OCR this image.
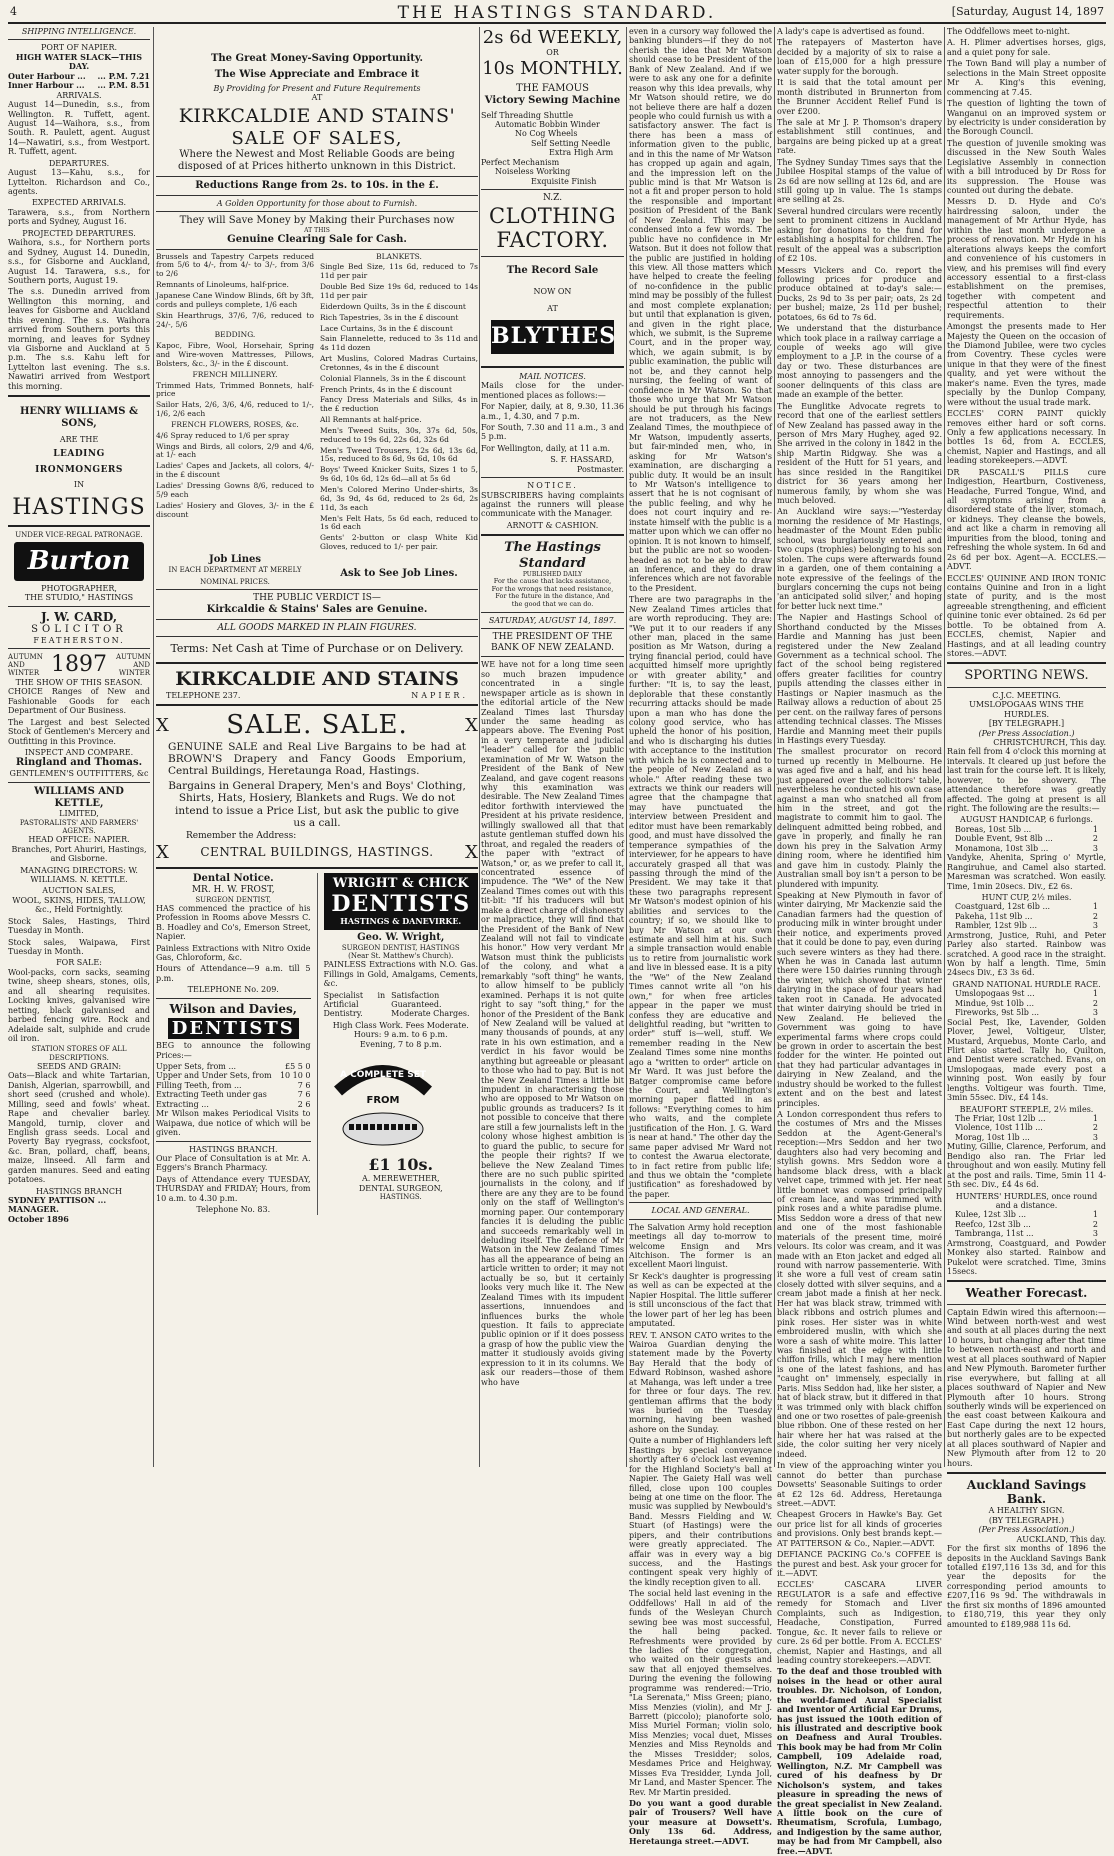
4	THE HASTINGS STANDARD.	[Saturday, August 14, 1897
SHIPPING INTELLIGENCE.
PORT OF NAPIER.
HIGH WATER SLACK—THIS DAY.
Outer Harbour ... ... P.M. 7.21
Inner Harbour ... ... P.M. 8.51
ARRIVALS.

August 14—Dunedin, s.s., from Wellington. R. Tuffett, agent. August 14—Waihora, s.s., from South. R. Paulett, agent. August 14—Nawatiri, s.s., from Westport. R. Tuffett, agent.

DEPARTURES.

August 13—Kahu, s.s., for Lyttelton. Richardson and Co., agents.

EXPECTED ARRIVALS.

Tarawera, s.s., from Northern ports and Sydney, August 16.

PROJECTED DEPARTURES.

Waihora, s.s., for Northern ports and Sydney, August 14. Dunedin, s.s., for Gisborne and Auckland, August 14. Tarawera, s.s., for Southern ports, August 19.

The s.s. Dunedin arrived from Wellington this morning, and leaves for Gisborne and Auckland this evening. The s.s. Waihora arrived from Southern ports this morning, and leaves for Sydney via Gisborne and Auckland at 5 p.m. The s.s. Kahu left for Lyttelton last evening. The s.s. Nawatiri arrived from Westport this morning.

HENRY WILLIAMS & SONS,
ARE THE
LEADING
IRONMONGERS
IN
HASTINGS
UNDER VICE-REGAL PATRONAGE.
Burton
PHOTOGRAPHER,
THE STUDIO," HASTINGS
J. W. CARD,
SOLICITOR
FEATHERSTON.
AUTUMN AND WINTER 1897 AUTUMN AND WINTER
THE SHOW OF THIS SEASON.

CHOICE Ranges of New and Fashionable Goods for each Department of Our Business.

The Largest and best Selected Stock of Gentlemen's Mercery and Outfitting in this Province.

INSPECT AND COMPARE.
Ringland and Thomas.
GENTLEMEN'S OUTFITTERS, &c
WILLIAMS AND KETTLE,
LIMITED,
PASTORALISTS' AND FARMERS' AGENTS.
HEAD OFFICE: NAPIER.

Branches, Port Ahuriri, Hastings, and Gisborne.

MANAGING DIRECTORS: W. WILLIAMS. N. KETTLE.

AUCTION SALES,

WOOL, SKINS, HIDES, TALLOW, &c., Held Fortnightly.

Stock Sales, Hastings, Third Tuesday in Month.

Stock sales, Waipawa, First Tuesday in Month.

FOR SALE:

Wool-packs, corn sacks, seaming twine, sheep shears, stones, oils, and all shearing requisites. Locking knives, galvanised wire netting, black galvanised and barbed fencing wire. Rock and Adelaide salt, sulphide and crude oil iron.

STATION STORES OF ALL DESCRIPTIONS.
SEEDS AND GRAIN:

Oats—Black and white Tartarian, Danish, Algerian, sparrowbill, and short seed (crushed and whole). Milling, seed and fowls' wheat. Rape and chevalier barley. Mangold, turnip, clover and English grass seeds. Local and Poverty Bay ryegrass, cocksfoot, &c. Bran, pollard, chaff, beans, maize, linseed. All farm and garden manures. Seed and eating potatoes.

HASTINGS BRANCH
SYDNEY PATTISON ... MANAGER.
October 1896
The Great Money-Saving Opportunity.
The Wise Appreciate and Embrace it
By Providing for Present and Future Requirements
AT
KIRKCALDIE AND STAINS'
SALE OF SALES,
Where the Newest and Most Reliable Goods are being disposed of at Prices hitherto unknown in this District.
Reductions Range from 2s. to 10s. in the £.
A Golden Opportunity for those about to Furnish.
They will Save Money by Making their Purchases now
AT THIS
Genuine Clearing Sale for Cash.

Brussels and Tapestry Carpets reduced from 5/6 to 4/-, from 4/- to 3/-, from 3/6 to 2/6

Remnants of Linoleums, half-price.

Japanese Cane Window Blinds, 6ft by 3ft, cords and pulleys complete, 1/6 each

Skin Hearthrugs, 37/6, 7/6, reduced to 24/-, 5/6

BEDDING.

Kapoc, Fibre, Wool, Horsehair, Spring and Wire-woven Mattresses, Pillows, Bolsters, &c., 3/- in the £ discount.

FRENCH MILLINERY.

Trimmed Hats, Trimmed Bonnets, half-price

Sailor Hats, 2/6, 3/6, 4/6, reduced to 1/-, 1/6, 2/6 each

FRENCH FLOWERS, ROSES, &c.

4/6 Spray reduced to 1/6 per spray

Wings and Birds, all colors, 2/9 and 4/6, at 1/- each

Ladies' Capes and Jackets, all colors, 4/- in the £ discount

Ladies' Dressing Gowns 8/6, reduced to 5/9 each

Ladies' Hosiery and Gloves, 3/- in the £ discount

BLANKETS.

Single Bed Size, 11s 6d, reduced to 7s 11d per pair

Double Bed Size 19s 6d, reduced to 14s 11d per pair

Eiderdown Quilts, 3s in the £ discount

Rich Tapestries, 3s in the £ discount

Lace Curtains, 3s in the £ discount

Sain Flannelette, reduced to 3s 11d and 4s 11d dozen

Art Muslins, Colored Madras Curtains, Cretonnes, 4s in the £ discount

Colonial Flannels, 3s in the £ discount

French Prints, 4s in the £ discount

Fancy Dress Materials and Silks, 4s in the £ reduction

All Remnants at half-price.

Men's Tweed Suits, 30s, 37s 6d, 50s, reduced to 19s 6d, 22s 6d, 32s 6d

Men's Tweed Trousers, 12s 6d, 13s 6d, 15s, reduced to 8s 6d, 9s 6d, 10s 6d

Boys' Tweed Knicker Suits, Sizes 1 to 5, 9s 6d, 10s 6d, 12s 6d—all at 5s 6d

Men's Colored Merino Under-shirts, 3s 6d, 3s 9d, 4s 6d, reduced to 2s 6d, 2s 11d, 3s each

Men's Felt Hats, 5s 6d each, reduced to 1s 6d each

Gents' 2-button or clasp White Kid Gloves, reduced to 1/- per pair.

Job Lines
IN EACH DEPARTMENT AT MERELY
NOMINAL PRICES.
Ask to See Job Lines.
THE PUBLIC VERDICT IS—
Kirkcaldie & Stains' Sales are Genuine.
ALL GOODS MARKED IN PLAIN FIGURES.
Terms: Net Cash at Time of Purchase or on Delivery.
KIRKCALDIE AND STAINS
TELEPHONE 237.	NAPIER.
X SALE. SALE.	X

GENUINE SALE and Real Live Bargains to be had at BROWN'S Drapery and Fancy Goods Emporium, Central Buildings, Heretaunga Road, Hastings.

Bargains in General Drapery, Men's and Boys' Clothing, Shirts, Hats, Hosiery, Blankets and Rugs. We do not intend to issue a Price List, but ask the public to give us a call.

Remember the Address:
X	CENTRAL BUILDINGS, HASTINGS. X
Dental Notice.
MR. H. W. FROST,
SURGEON DENTIST,

HAS commenced the practice of his Profession in Rooms above Messrs C. B. Hoadley and Co's, Emerson Street, Napier.

Painless Extractions with Nitro Oxide Gas, Chloroform, &c.

Hours of Attendance—9 a.m. till 5 p.m.

TELEPHONE No. 209.
Wilson and Davies,
DENTISTS

BEG to announce the following Prices:—

Upper Sets, from ...	£5 5 0
Upper and Under Sets, from 10 10 0
Filling Teeth, from ...	7 6
Extracting Teeth under gas	7 6
Extracting ...	2 6

Mr Wilson makes Periodical Visits to Waipawa, due notice of which will be given.

HASTINGS BRANCH.

Our Place of Consultation is at Mr. A. Eggers's Branch Pharmacy.

Days of Attendance every TUESDAY, THURSDAY and FRIDAY; Hours, from 10 a.m. to 4.30 p.m.

Telephone No. 83.
WRIGHT & CHICK
DENTISTS
HASTINGS & DANEVIRKE.
Geo. W. Wright,
SURGEON DENTIST, HASTINGS
(Near St. Matthew's Church).

PAINLESS Extractions with N.O. Gas. Fillings in Gold, Amalgams, Cements, &c.

Specialist in Artificial Dentistry.

Satisfaction Guaranteed. Moderate Charges.

High Class Work. Fees Moderate.
Hours: 9 a.m. to 6 p.m.
Evening, 7 to 8 p.m.
A COMPLETE SET
FROM
£1 10s.
A. MEREWETHER,
DENTAL SURGEON,
HASTINGS.
2s 6d WEEKLY,
OR
10s MONTHLY.
THE FAMOUS
Victory Sewing Machine
Self Threading Shuttle
Automatic Bobbin Winder
No Cog Wheels
Self Setting Needle
Extra High Arm
Perfect Mechanism
Noiseless Working
Exquisite Finish
N.Z.
CLOTHING
FACTORY.
The Record Sale
NOW ON
AT
BLYTHES
MAIL NOTICES.

Mails close for the under-mentioned places as follows:—

For Napier, daily, at 8, 9.30, 11.36 a.m., 1, 4.30, and 7 p.m.

For South, 7.30 and 11 a.m., 3 and 5 p.m.

For Wellington, daily, at 11 a.m.

S. F. HASSARD,
Postmaster.
NOTICE.

SUBSCRIBERS having complaints against the runners will please communicate with the Manager.

ARNOTT & CASHION.
The Hastings Standard
PUBLISHED DAILY

For the cause that lacks assistance, For the wrongs that need resistance, For the future in the distance, And the good that we can do.

SATURDAY, AUGUST 14, 1897.
THE PRESIDENT OF THE BANK OF NEW ZEALAND.

WE have not for a long time seen so much brazen impudence concentrated in a single newspaper article as is shown in the editorial article of the New Zealand Times last Thursday under the same heading as appears above. The Evening Post in a very temperate and judicial "leader" called for the public examination of Mr W. Watson the President of the Bank of New Zealand, and gave cogent reasons why this examination was desirable. The New Zealand Times editor forthwith interviewed the President at his private residence, willingly swallowed all that that astute gentleman stuffed down his throat, and regaled the readers of the paper with "extract of Watson," or, as we prefer to call it, concentrated essence of impudence. The "We" of the New Zealand Times comes out with this tit-bit: "If his traducers will but make a direct charge of dishonesty or malpractice, they will find that the President of the Bank of New Zealand will not fail to vindicate his honor." How very verdant Mr Watson must think the publicists of the colony, and what a remarkably "soft thing" he wants, to allow himself to be publicly examined. Perhaps it is not quite right to say "soft thing," for the honor of the President of the Bank of New Zealand will be valued at many thousands of pounds, at any rate in his own estimation, and a verdict in his favor would be anything but agreeable or pleasant to those who had to pay. But is not the New Zealand Times a little bit impudent in characterising those who are opposed to Mr Watson on public grounds as traducers? Is it not possible to conceive that there are still a few journalists left in the colony whose highest ambition is to guard the public, to secure for the people their rights? If we believe the New Zealand Times there are no such public spirited journalists in the colony, and if there are any they are to be found only on the staff of Wellington's morning paper. Our contemporary fancies it is deluding the public and succeeds remarkably well in deluding itself. The defence of Mr Watson in the New Zealand Times has all the appearance of being an article written to order; it may not actually be so, but it certainly looks very much like it. The New Zealand Times with its impudent assertions, innuendoes and influences burks the whole question. It fails to appreciate public opinion or if it does possess a grasp of how the public view the matter it studiously avoids giving expression to it in its columns. We ask our readers—those of them who have

even in a cursory way followed the banking blunders—if they do not cherish the idea that Mr Watson should cease to be President of the Bank of New Zealand. And if we were to ask any one for a definite reason why this idea prevails, why Mr Watson should retire, we do not believe there are half a dozen people who could furnish us with a satisfactory answer. The fact is there has been a mass of information given to the public, and in this the name of Mr Watson has cropped up again and again, and the impression left on the public mind is that Mr Watson is not a fit and proper person to hold the responsible and important position of President of the Bank of New Zealand. This may be condensed into a few words. The public have no confidence in Mr Watson. But it does not follow that the public are justified in holding this view. All those matters which have helped to create the feeling of no-confidence in the public mind may be possibly of the fullest and most complete explanation; but until that explanation is given, and given in the right place, which, we submit, is the Supreme Court, and in the proper way, which, we again submit, is by public examination, the public will not be, and they cannot help nursing, the feeling of want of confidence in Mr Watson. So that those who urge that Mr Watson should be put through his facings are not traducers, as the New Zealand Times, the mouthpiece of Mr Watson, impudently asserts, but fair-minded men, who, in asking for Mr Watson's examination, are discharging a public duty. It would be an insult to Mr Watson's intelligence to assert that he is not cognisant of the public feeling, and why he does not court inquiry and re-instate himself with the public is a matter upon which we can offer no opinion. It is not known to himself, but the public are not so wooden-headed as not to be able to draw an inference, and they do draw inferences which are not favorable to the President.

There are two paragraphs in the New Zealand Times articles that are worth reproducing. They are: "We put it to our readers if any other man, placed in the same position as Mr Watson, during a trying financial period, could have acquitted himself more uprightly or with greater ability," and further: "It is, to say the least, deplorable that these constantly recurring attacks should be made upon a man who has done the colony good service, who has upheld the honor of his position, and who is discharging his duties with acceptance to the institution with which he is connected and to the people of New Zealand as a whole." After reading these two extracts we think our readers will agree that the champagne that may have punctuated the interview between President and editor must have been remarkably good, and must have dissolved the temperance sympathies of the interviewer, for he appears to have accurately grasped all that was passing through the mind of the President. We may take it that these two paragraphs represent Mr Watson's modest opinion of his abilities and services to the country; if so, we should like to buy Mr Watson at our own estimate and sell him at his. Such a simple transaction would enable us to retire from journalistic work and live in blessed ease. It is a pity the "We" of the New Zealand Times cannot write all "on his own," for when free articles appear in the paper we must confess they are educative and delightful reading, but "written to order" stuff is—well, stuff. We remember reading in the New Zealand Times some nine months ago a "written to order" article on Mr Ward. It was just before the Batger compromise came before the Court, and Wellington's morning paper flatted in as follows: "Everything comes to him who waits, and the complete justification of the Hon. J. G. Ward is near at hand." The other day the same paper advised Mr Ward not to contest the Awarua electorate, to in fact retire from public life; and thus we obtain the "complete justification" as foreshadowed by the paper.

LOCAL AND GENERAL.

The Salvation Army hold reception meetings all day to-morrow to welcome Ensign and Mrs Aitchison. The former is an excellent Maori linguist.

Sr Keck's daughter is progressing as well as can be expected at the Napier Hospital. The little sufferer is still unconscious of the fact that the lower part of her leg has been amputated.

REV. T. ANSON CATO writes to the Wairoa Guardian denying the statement made by the Poverty Bay Herald that the body of Edward Robinson, washed ashore at Mahanga, was left under a tree for three or four days. The rev. gentleman affirms that the body was buried on the Tuesday morning, having been washed ashore on the Sunday.

Quite a number of Highlanders left Hastings by special conveyance shortly after 6 o'clock last evening for the Highland Society's ball at Napier. The Gaiety Hall was well filled, close upon 100 couples being at one time on the floor. The music was supplied by Newbould's Band. Messrs Fielding and W. Stuart (of Hastings) were the pipers, and their contributions were greatly appreciated. The affair was in every way a big success, and the Hastings contingent speak very highly of the kindly reception given to all.

The social held last evening in the Oddfellows' Hall in aid of the funds of the Wesleyan Church sewing bee was most successful, the hall being packed. Refreshments were provided by the ladies of the congregation, who waited on their guests and saw that all enjoyed themselves. During the evening the following programme was rendered:—Trio, "La Serenata," Miss Green; piano, Miss Menzies (violin), and Mr J. Barrett (piccolo); pianoforte solo, Miss Muriel Forman; violin solo, Miss Menzies; vocal duet, Misses Menzies and Miss Reynolds and the Misses Tresidder; solos, Mesdames Price and Heighway, Misses Eva Tresidder, Lynda Joll, Mr Land, and Master Spencer. The Rev. Mr Martin presided.

Do you want a good durable pair of Trousers? Well have your measure at Dowsett's. Only 13s 6d. Address, Heretaunga street.—ADVT.

A lady's cape is advertised as found.

The ratepayers of Masterton have decided by a majority of six to raise a loan of £15,000 for a high pressure water supply for the borough.

It is said that the total amount per month distributed in Brunnerton from the Brunner Accident Relief Fund is over £200.

The sale at Mr J. P. Thomson's drapery establishment still continues, and bargains are being picked up at a great rate.

The Sydney Sunday Times says that the Jubilee Hospital stamps of the value of 2s 6d are now selling at 12s 6d, and are still going up in value. The 1s stamps are selling at 2s.

Several hundred circulars were recently sent to prominent citizens in Auckland asking for donations to the fund for establishing a hospital for children. The result of the appeal was a subscription of £2 10s.

Messrs Vickers and Co. report the following prices for produce and produce obtained at to-day's sale:—Ducks, 2s 9d to 3s per pair; oats, 2s 2d per bushel; maize, 2s 11d per bushel; potatoes, 6s 6d to 7s 6d.

We understand that the disturbance which took place in a railway carriage a couple of weeks ago will give employment to a J.P. in the course of a day or two. These disturbances are most annoying to passengers and the sooner delinquents of this class are made an example of the better.

The Eunglitke Advocate regrets to record that one of the earliest settlers of New Zealand has passed away in the person of Mrs Mary Hughey, aged 92. She arrived in the colony in 1842 in the ship Martin Ridgway. She was a resident of the Hutt for 51 years, and has since resided in the Rangitikei district for 36 years among her numerous family, by whom she was much beloved.

An Auckland wire says:—"Yesterday morning the residence of Mr Hastings, headmaster of the Mount Eden public school, was burglariously entered and two cups (trophies) belonging to his son stolen. The cups were afterwards found in a garden, one of them containing a note expressive of the feelings of the burglars concerning the cups not being 'an anticipated solid silver,' and hoping for better luck next time."

The Napier and Hastings School of Shorthand conducted by the Misses Hardie and Manning has just been registered under the New Zealand Government as a technical school. The fact of the school being registered offers greater facilities for country pupils attending the classes either in Hastings or Napier inasmuch as the Railway allows a reduction of about 25 per cent. on the railway fares of persons attending technical classes. The Misses Hardie and Manning meet their pupils in Hastings every Tuesday.

The smallest procurator on record turned up recently in Melbourne. He was aged five and a half, and his head just appeared over the solicitors' table, nevertheless he conducted his own case against a man who snatched all from him in the street, and got the magistrate to commit him to gaol. The delinquent admitted being robbed, and gave in properly, and finally he ran down his prey in the Salvation Army dining room, where he identified him and gave him in custody. Plainly the Australian small boy isn't a person to be plundered with impunity.

Speaking at New Plymouth in favor of winter dairying, Mr Mackenzie said the Canadian farmers had the question of producing milk in winter brought under their notice, and experiments proved that it could be done to pay, even during such severe winters as they had there. When he was in Canada last autumn there were 150 dairies running through the winter, which showed that winter dairying in the space of four years had taken root in Canada. He advocated that winter dairying should be tried in New Zealand. He believed the Government was going to have experimental farms where crops could be grown in order to ascertain the best fodder for the winter. He pointed out that they had particular advantages in dairying in New Zealand, and the industry should be worked to the fullest extent and on the best and latest principles.

A London correspondent thus refers to the costumes of Mrs and the Misses Seddon at the Agent-General's reception:—Mrs Seddon and her two daughters also had very becoming and stylish gowns. Mrs Seddon wore a handsome black dress, with a black velvet cape, trimmed with jet. Her neat little bonnet was composed principally of cream lace, and was trimmed with pink roses and a white paradise plume. Miss Seddon wore a dress of that new and one of the most fashionable materials of the present time, moiré velours. Its color was cream, and it was made with an Eton jacket and edged all round with narrow passementerie. With it she wore a full vest of cream satin closely dotted with silver sequins, and a cream jabot made a finish at her neck. Her hat was black straw, trimmed with black ribbons and ostrich plumes and pink roses. Her sister was in white embroidered muslin, with which she wore a sash of white moire. This latter was finished at the edge with little chiffon frills, which I may here mention is one of the latest fashions, and has "caught on" immensely, especially in Paris. Miss Seddon had, like her sister, a hat of black straw, but it differed in that it was trimmed only with black chiffon and one or two rosettes of pale-greenish blue ribbon. One of these rested on her hair where her hat was raised at the side, the color suiting her very nicely indeed.

In view of the approaching winter you cannot do better than purchase Dowsetts' Seasonable Suitings to order at £2 12s 6d. Address, Heretaunga street.—ADVT.

Cheapest Grocers in Hawke's Bay. Get our price list for all kinds of groceries and provisions. Only best brands kept.—AT PATTERSON & Co., Napier.—ADVT.

DEFIANCE PACKING Co.'s COFFEE is the purest and best. Ask your grocer for it.—ADVT.

ECCLES' CASCARA LIVER REGULATOR is a safe and effective remedy for Stomach and Liver Complaints, such as Indigestion, Headache, Constipation, Furred Tongue, &c. It never fails to relieve or cure. 2s 6d per bottle. From A. ECCLES' chemist, Napier and Hastings, and all leading country storekeepers.—ADVT.

To the deaf and those troubled with noises in the head or other aural troubles. Dr. Nicholson, of London, the world-famed Aural Specialist and Inventor of Artificial Ear Drums, has just issued the 100th edition of his illustrated and descriptive book on Deafness and Aural Troubles. This book may be had from Mr Colin Campbell, 109 Adelaide road, Wellington, N.Z. Mr Campbell was cured of his deafness by Dr Nicholson's system, and takes pleasure in spreading the news of the great specialist in New Zealand. A little book on the cure of Rheumatism, Scrofula, Lumbago, and Indigestion by the same author, may be had from Mr Campbell, also free.—ADVT.

The Oddfellows meet to-night.

A. H. Plimer advertises horses, gigs, and a quiet pony for sale.

The Town Band will play a number of selections in the Main Street opposite Mr A. King's this evening, commencing at 7.45.

The question of lighting the town of Wanganui on an improved system or by electricity is under consideration by the Borough Council.

The question of juvenile smoking was discussed in the New South Wales Legislative Assembly in connection with a bill introduced by Dr Ross for its suppression. The House was counted out during the debate.

Messrs D. D. Hyde and Co's hairdressing saloon, under the management of Mr Arthur Hyde, has within the last month undergone a process of renovation. Mr Hyde in his alterations always keeps the comfort and convenience of his customers in view, and his premises will find every accessory essential to a first-class establishment on the premises, together with competent and respectful attention to their requirements.

Amongst the presents made to Her Majesty the Queen on the occasion of the Diamond Jubilee, were two cycles from Coventry. These cycles were unique in that they were of the finest quality, and yet were without the maker's name. Even the tyres, made specially by the Dunlop Company, were without the usual trade mark.

ECCLES' CORN PAINT quickly removes either hard or soft corns. Only a few applications necessary. In bottles 1s 6d, from A. ECCLES, chemist, Napier and Hastings, and all leading storekeepers.—ADVT.

DR PASCALL'S PILLS cure Indigestion, Heartburn, Costiveness, Headache, Furred Tongue, Wind, and all symptoms arising from a disordered state of the liver, stomach, or kidneys. They cleanse the bowels, and act like a charm in removing all impurities from the blood, toning and refreshing the whole system. In 6d and 2s 6d per box. Agent—A. ECCLES.—ADVT.

ECCLES' QUININE AND IRON TONIC contains Quinine and Iron in a light state of purity, and is the most agreeable strengthening, and efficient quinine tonic ever obtained. 2s 6d per bottle. To be obtained from A. ECCLES, chemist, Napier and Hastings, and at all leading country stores.—ADVT.

SPORTING NEWS.
C.J.C. MEETING.
UMSLOPOGAAS WINS THE HURDLES.
[BY TELEGRAPH.]
(Per Press Association.)
CHRISTCHURCH, This day.

Rain fell from 4 o'clock this morning at intervals. It cleared up just before the last train for the course left. It is likely, however, to be showery. The attendance therefore was greatly affected. The going at present is all right. The following are the results:—

AUGUST HANDICAP, 6 furlongs.
Boreas, 10st 5lb ...	1
Double Event, 9st 8lb ...	2
Monamona, 10st 3lb ...	3

Vandyke, Ahenita, Spring o' Myrtle, Rangiruhue, and Camel also started. Maresman was scratched. Won easily. Time, 1min 20secs. Div., £2 6s.

HUNT CUP, 2½ miles.
Coastguard, 12st 6lb ...	1
Pakeha, 11st 9lb ...	2
Rambler, 12st 9lb ...	3

Armstrong, Justice, Ruhi, and Peter Parley also started. Rainbow was scratched. A good race in the straight. Won by half a length. Time, 5min 24secs Div., £3 3s 6d.

GRAND NATIONAL HURDLE RACE.
Umslopogaas 9st ...	1
Mindue, 9st 10lb ...	2
Fireworks, 9st 5lb ...	3

Social Pest, Ike, Lavender, Golden Plover, Jewel, Voltigeur, Ulster, Mustard, Arquebus, Monte Carlo, and Flirt also started. Tally ho, Quilton, and Dentist were scratched. Evans, on Umslopogaas, made every post a winning post. Won easily by four lengths. Voltigeur was fourth. Time, 3min 55sec. Div., £4 14s.

BEAUFORT STEEPLE, 2½ miles.
The Friar, 10st 12lb ...	1
Violence, 10st 11lb ...	2
Morag, 10st 1lb ...	3

Mutiny, Gillie, Clarence, Perforum, and Bendigo also ran. The Friar led throughout and won easily. Mutiny fell at the post and rails. Time, 5min 11 4-5th sec. Div., £4 4s 6d.

HUNTERS' HURDLES, once round and a distance.
Kulee, 12st 3lb ...	1
Reefco, 12st 3lb ...	2
Tambranga, 11st ...	3

Armstrong, Coastguard, and Powder Monkey also started. Rainbow and Pukelot were scratched. Time, 3mins 15secs.

Weather Forecast.

Captain Edwin wired this afternoon:— Wind between north-west and west and south at all places during the next 10 hours, but changing after that time to between north-east and north and west at all places southward of Napier and New Plymouth. Barometer further rise everywhere, but falling at all places southward of Napier and New Plymouth after 10 hours. Strong southerly winds will be experienced on the east coast between Kaikoura and East Cape during the next 12 hours, but northerly gales are to be expected at all places southward of Napier and New Plymouth after from 12 to 20 hours.

Auckland Savings Bank.
A HEALTHY SIGN.
(BY TELEGRAPH.)
(Per Press Association.)
AUCKLAND, This day.

For the first six months of 1896 the deposits in the Auckland Savings Bank totalled £197,116 13s 3d, and for this year the deposits for the corresponding period amounts to £207,116 9s 9d. The withdrawals in the first six months of 1896 amounted to £180,719, this year they only amounted to £189,988 11s 6d.
